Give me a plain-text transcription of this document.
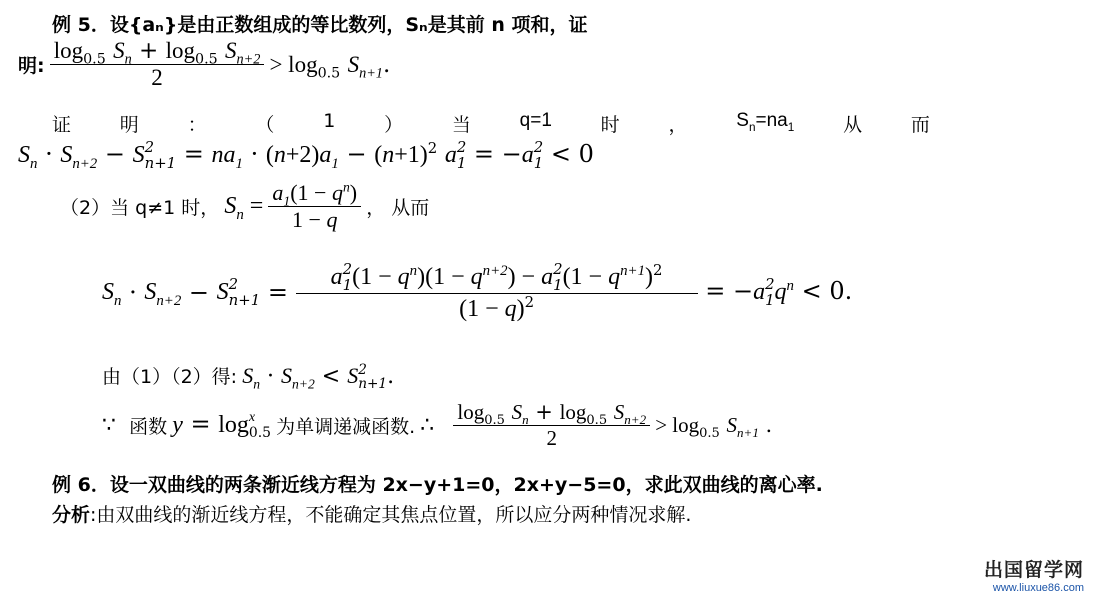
例 5．设{aₙ}是由正数组成的等比数列，Sₙ是其前 n 项和，证
明: $\frac{\log_{0.5} S_n + \log_{0.5} S_{n+2}}{2} > \log_{0.5} S_{n+1}$.
证	明	：	（	1	）	当	q=1	时	，	$S_n=na_1$	从	而
$S_n \cdot S_{n+2} - S$ 2
$n+1 = na_1 \cdot (n+2)a_1 - (n+1)^2$ a 2
1 = −a 2
1 < 0
（2）当 q≠1 时， $S_n = \frac{a_1(1 - q^n)}{1 - q}$ ， 从而
$S_n \cdot S_{n+2} - S$ 2
n+1 = a 2
1 $(1 - q^n)(1 - q^{n+2}) - a$ 2
1 $(1 - q^{n+1})^2$
$(1 - q)^2 = -a$ 2
1 $q^n < 0$.
由（1）（2）得: $S_n \cdot S_{n+2} < S$ 2
n+1 .
∵ 函数 y = log x
0.5 为单调递减函数. ∴ $\frac{\log_{0.5} S_n + \log_{0.5} S_{n+2}}{2} > \log_{0.5} S_{n+1}$ .
例 6．设一双曲线的两条渐近线方程为 2x−y+1=0，2x+y−5=0，求此双曲线的离心率.
分析:由双曲线的渐近线方程，不能确定其焦点位置，所以应分两种情况求解.
出国留学网
www.liuxue86.com
